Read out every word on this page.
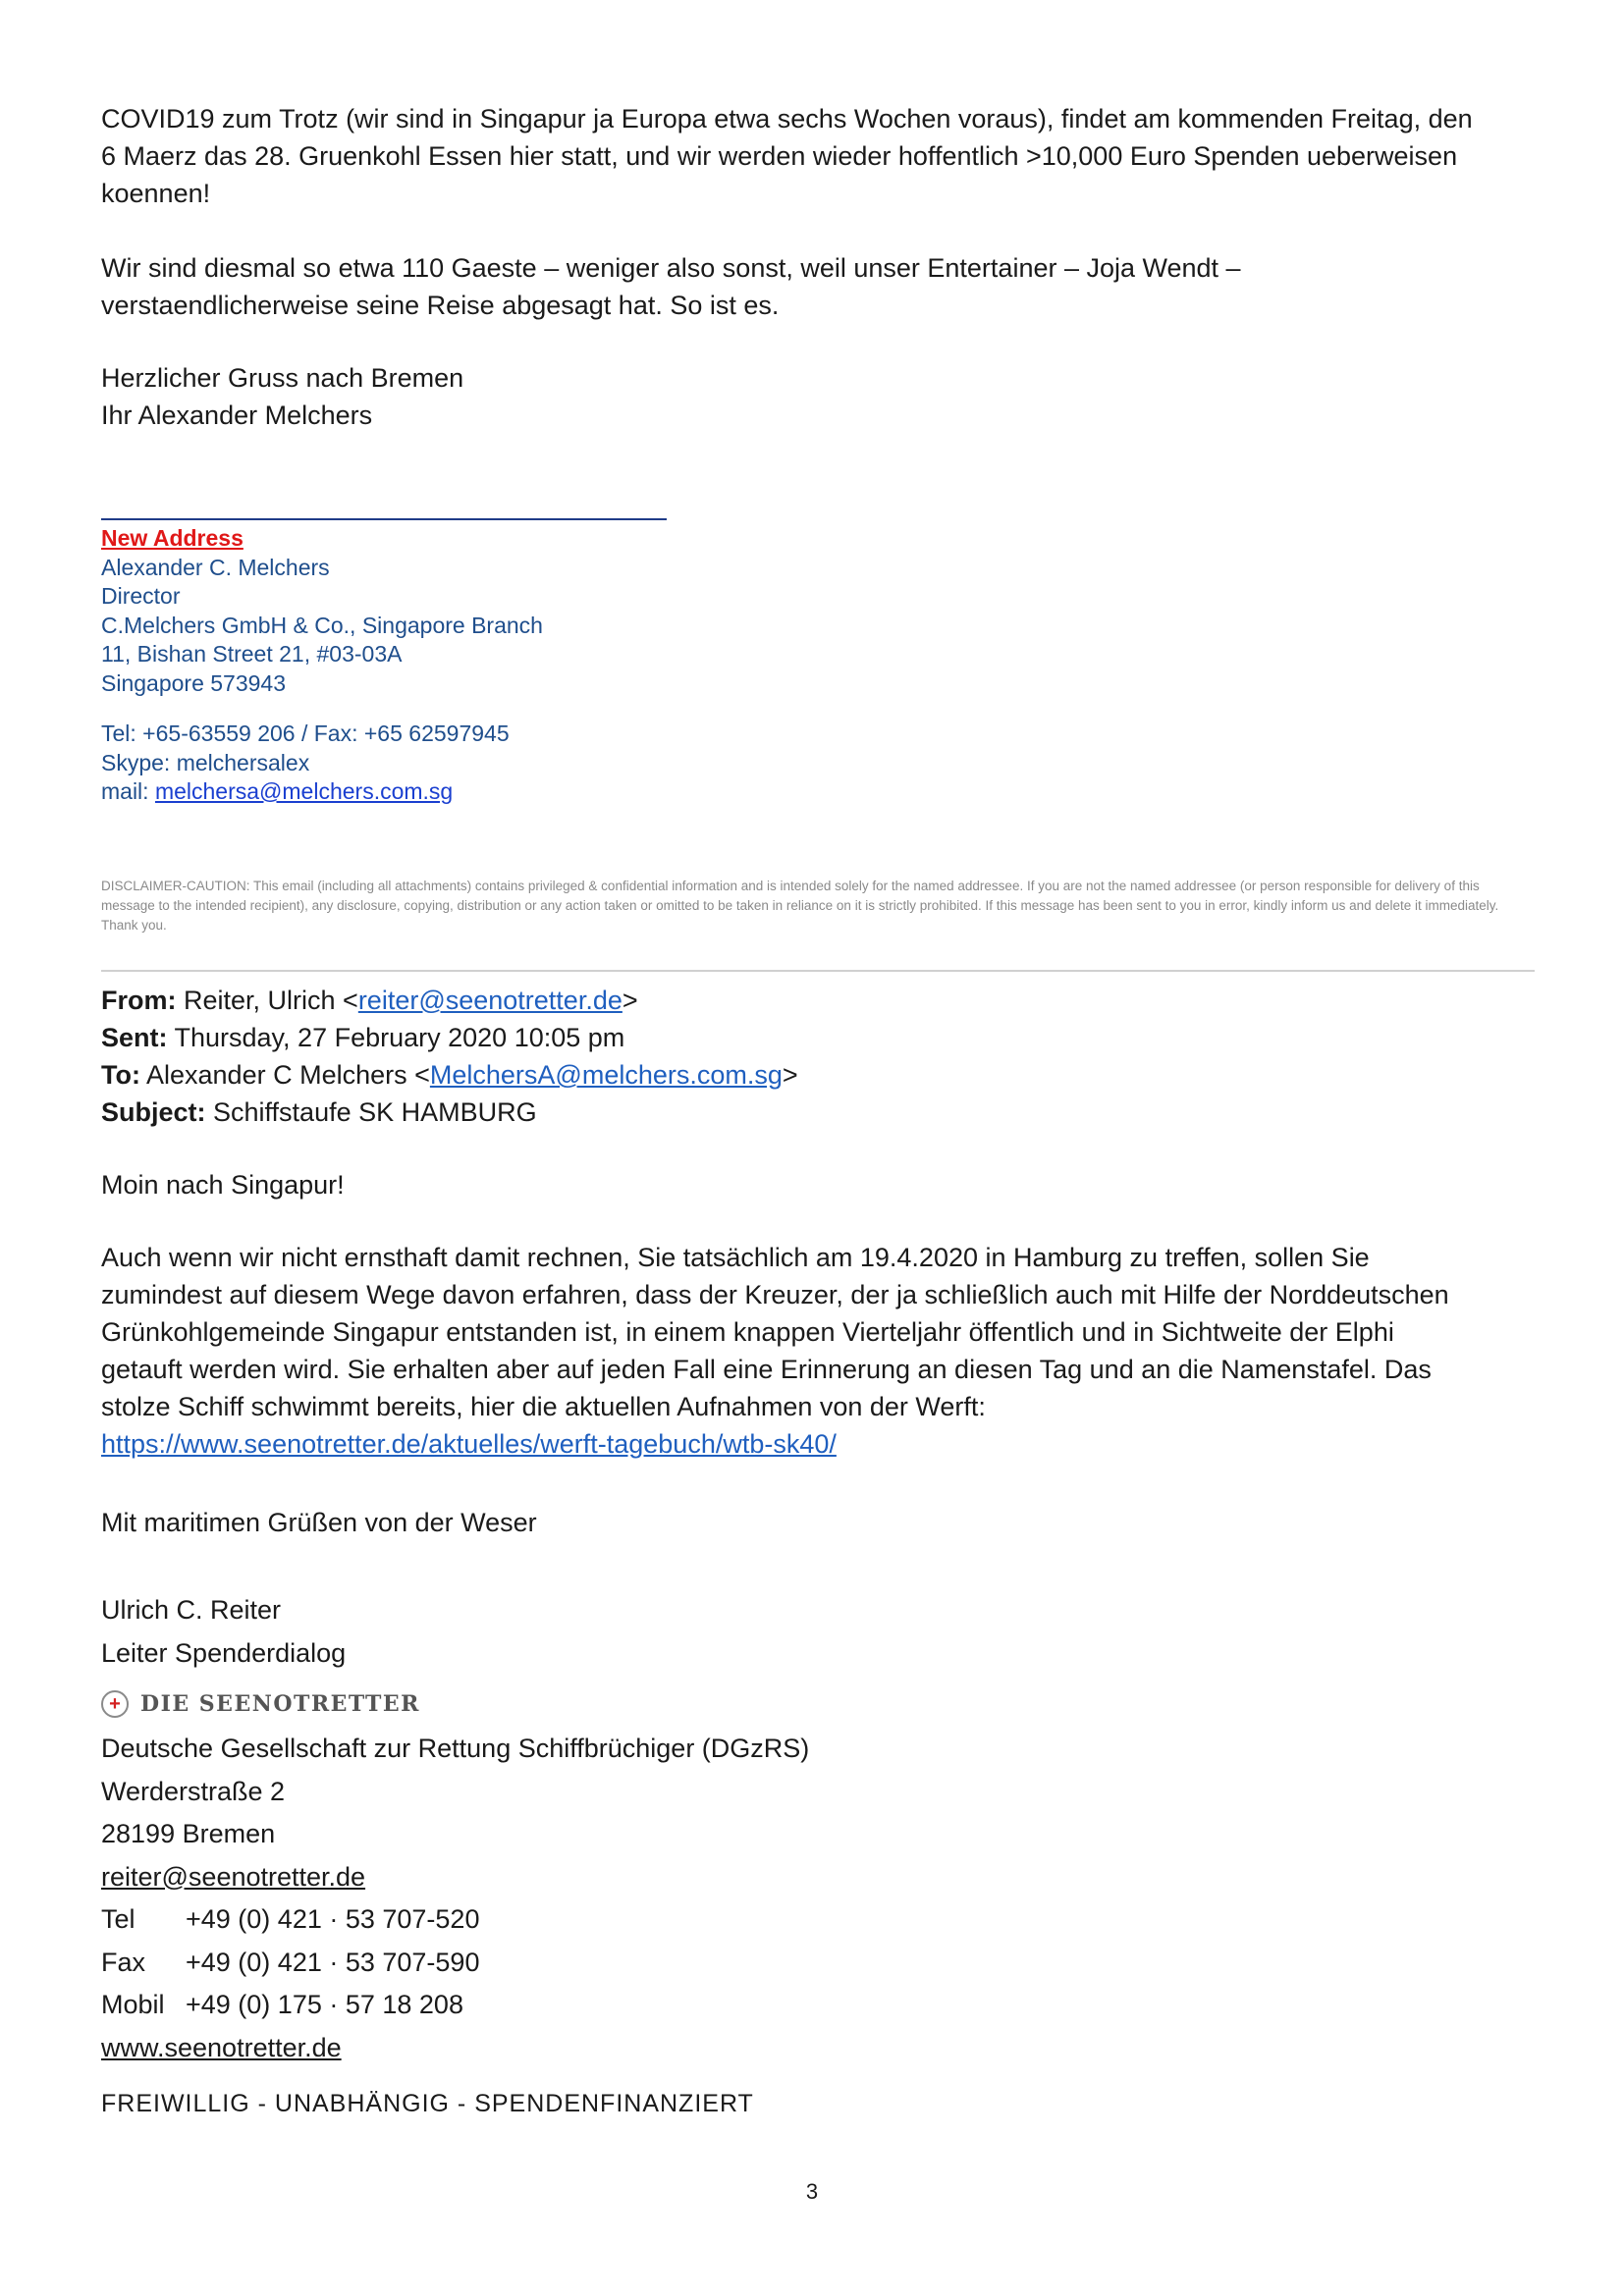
COVID19 zum Trotz (wir sind in Singapur ja Europa etwa sechs Wochen voraus), findet am kommenden Freitag, den

6 Maerz das 28. Gruenkohl Essen hier statt, und wir werden wieder hoffentlich >10,000 Euro Spenden ueberweisen

koennen!

Wir sind diesmal so etwa 110 Gaeste – weniger also sonst, weil unser Entertainer – Joja Wendt –

verstaendlicherweise seine Reise abgesagt hat. So ist es.

Herzlicher Gruss nach Bremen

Ihr Alexander Melchers

New Address
Alexander C. Melchers
Director
C.Melchers GmbH & Co., Singapore Branch
11, Bishan Street 21, #03-03A
Singapore 573943
Tel: +65-63559 206 / Fax: +65 62597945
Skype: melchersalex
mail: melchersa@melchers.com.sg
DISCLAIMER-CAUTION: This email (including all attachments) contains privileged & confidential information and is intended solely for the named addressee. If you are not the named addressee (or person responsible for delivery of this message to the intended recipient), any disclosure, copying, distribution or any action taken or omitted to be taken in reliance on it is strictly prohibited. If this message has been sent to you in error, kindly inform us and delete it immediately. Thank you.
From: Reiter, Ulrich <reiter@seenotretter.de>
Sent: Thursday, 27 February 2020 10:05 pm
To: Alexander C Melchers <MelchersA@melchers.com.sg>
Subject: Schiffstaufe SK HAMBURG
Moin nach Singapur!

Auch wenn wir nicht ernsthaft damit rechnen, Sie tatsächlich am 19.4.2020 in Hamburg zu treffen, sollen Sie

zumindest auf diesem Wege davon erfahren, dass der Kreuzer, der ja schließlich auch mit Hilfe der Norddeutschen

Grünkohlgemeinde Singapur entstanden ist, in einem knappen Vierteljahr öffentlich und in Sichtweite der Elphi

getauft werden wird. Sie erhalten aber auf jeden Fall eine Erinnerung an diesen Tag und an die Namenstafel. Das

stolze Schiff schwimmt bereits, hier die aktuellen Aufnahmen von der Werft:

https://www.seenotretter.de/aktuelles/werft-tagebuch/wtb-sk40/

Mit maritimen Grüßen von der Weser

Ulrich C. Reiter

Leiter Spenderdialog

+ DIE SEENOTRETTER

Deutsche Gesellschaft zur Rettung Schiffbrüchiger (DGzRS)

Werderstraße 2

28199 Bremen

reiter@seenotretter.de

Tel +49 (0) 421 · 53 707-520

Fax +49 (0) 421 · 53 707-590

Mobil +49 (0) 175 · 57 18 208

www.seenotretter.de

FREIWILLIG - UNABHÄNGIG - SPENDENFINANZIERT
3
